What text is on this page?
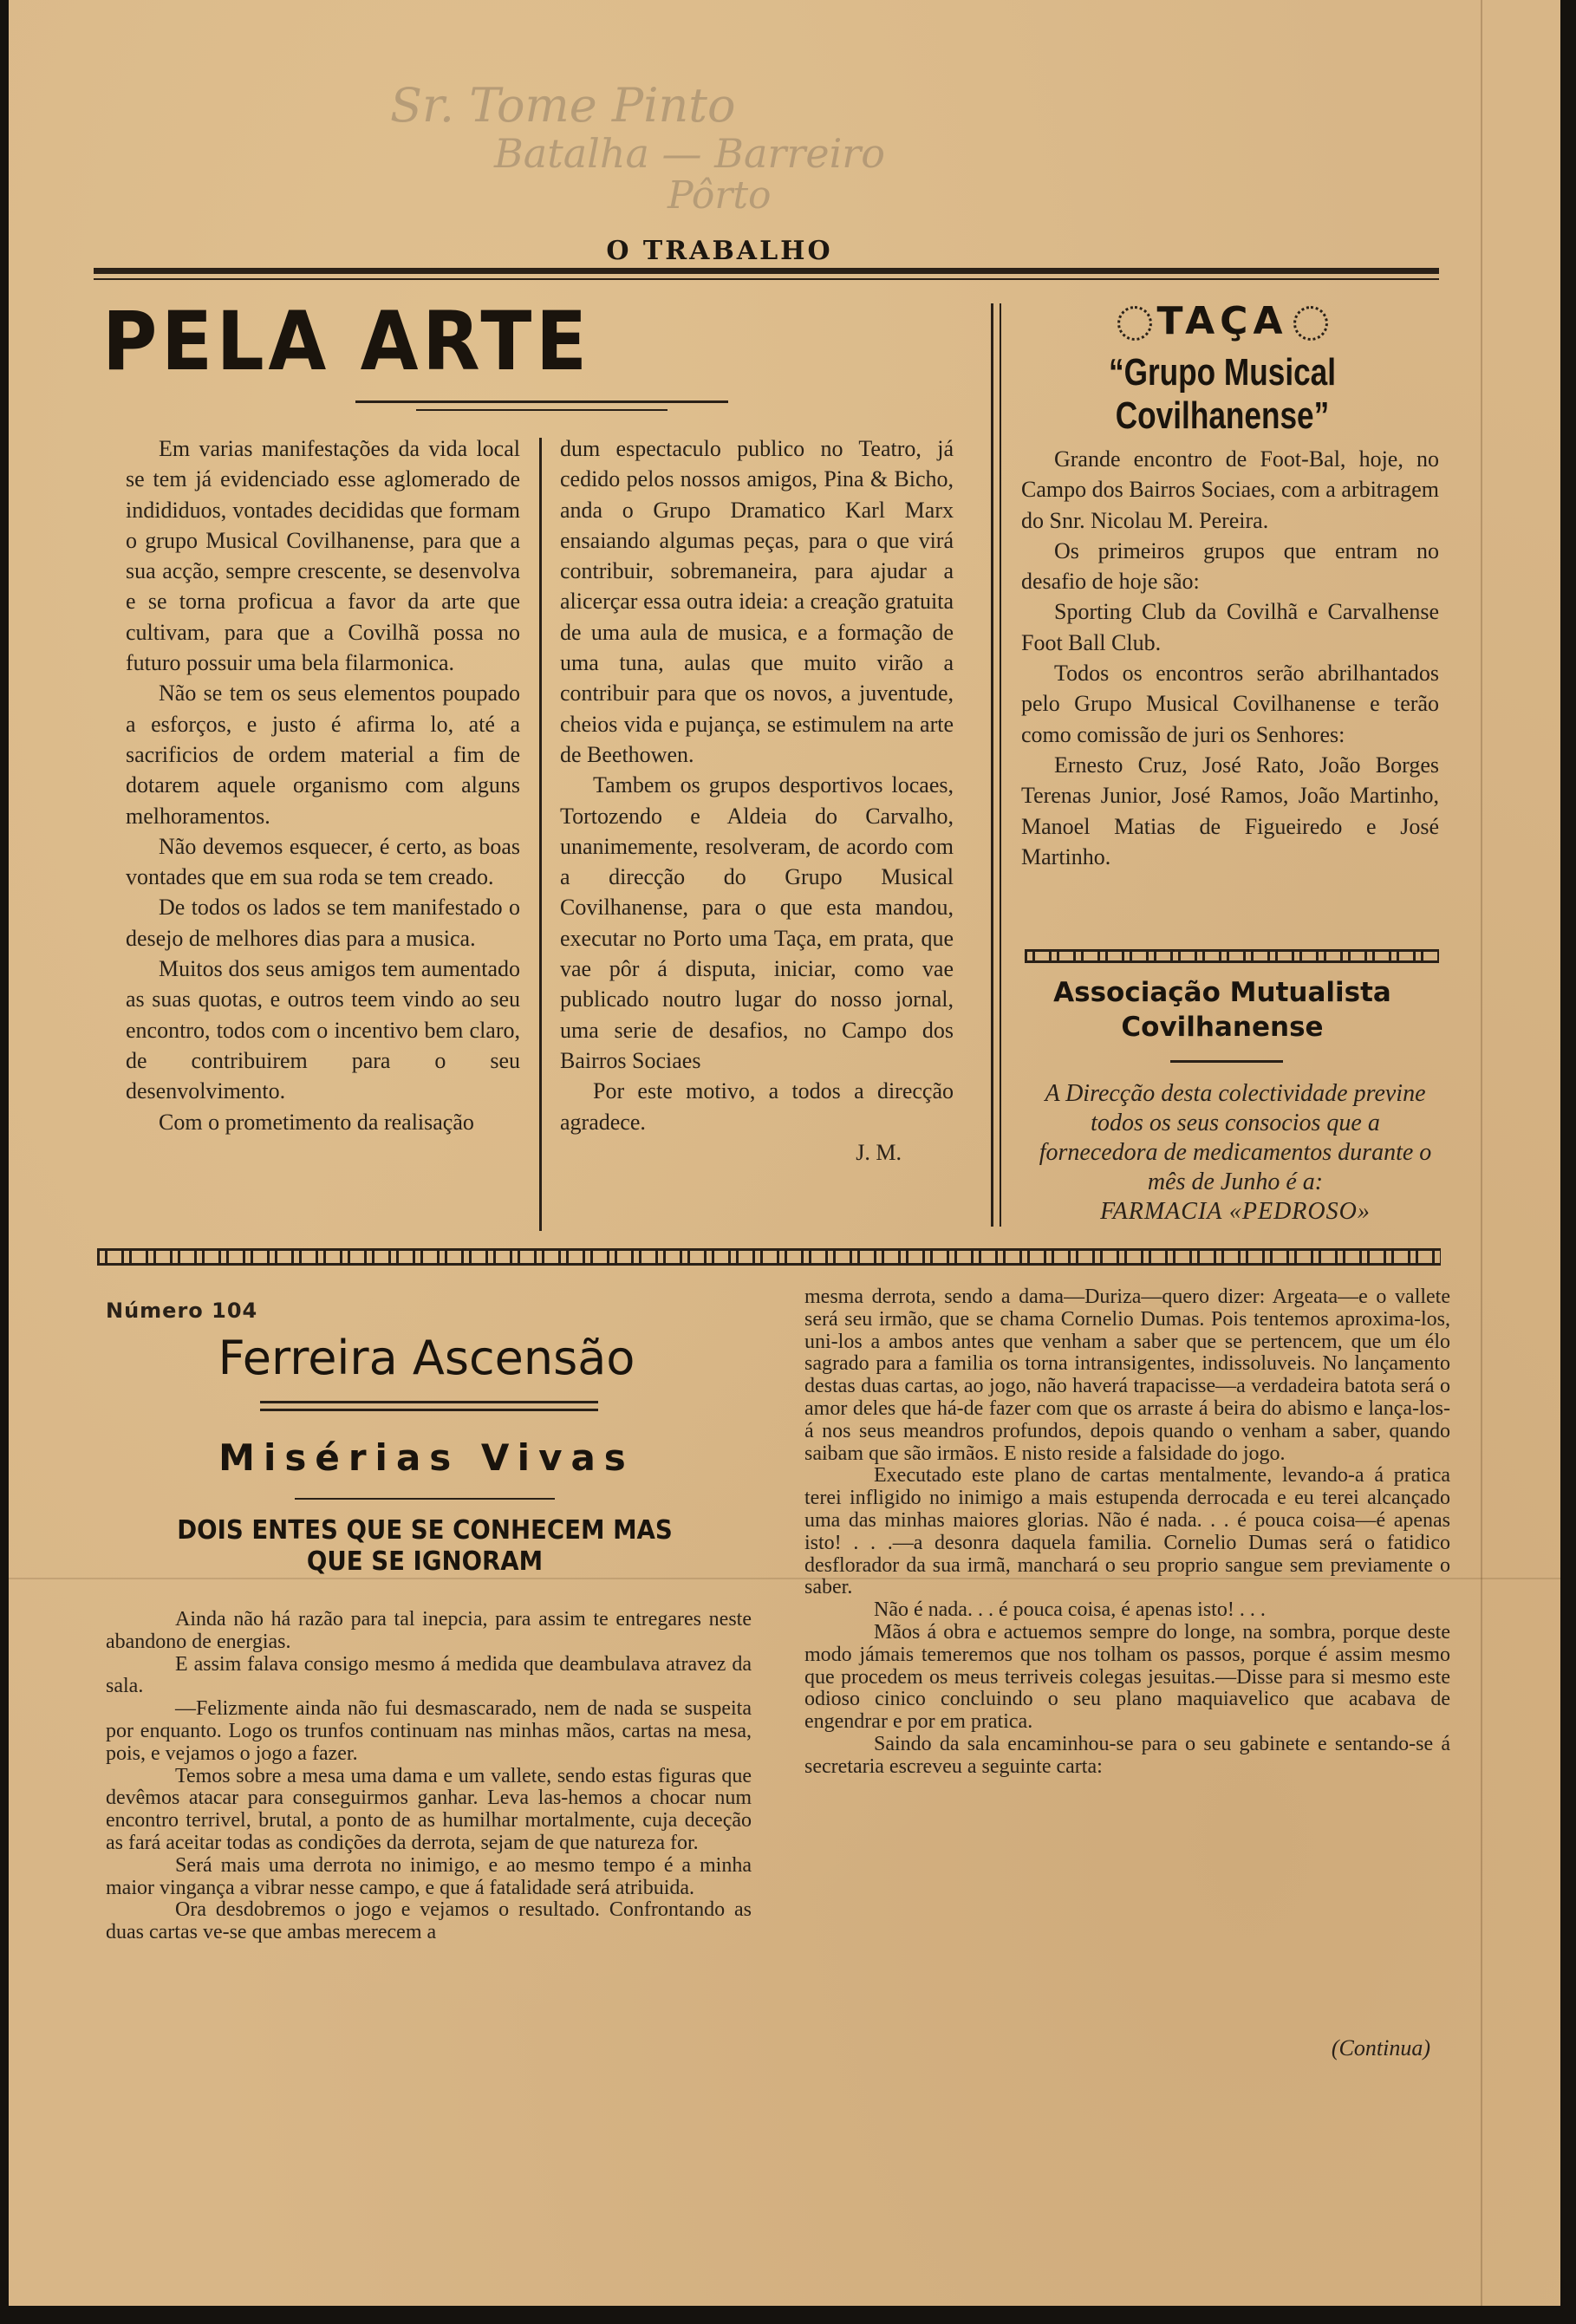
Sr. Tome Pinto
Batalha — Barreiro
Pôrto
O TRABALHO
PELA ARTE

Em varias manifestações da vida local se tem já evidenciado esse aglomerado de indididuos, vontades decididas que formam o grupo Musical Covilhanense, para que a sua acção, sempre crescente, se desenvolva e se torna proficua a favor da arte que cultivam, para que a Covilhã possa no futuro possuir uma bela filarmonica.

Não se tem os seus elementos poupado a esforços, e justo é afirma lo, até a sacrificios de ordem material a fim de dotarem aquele organismo com alguns melhoramentos.

Não devemos esquecer, é certo, as boas vontades que em sua roda se tem creado.

De todos os lados se tem manifestado o desejo de melhores dias para a musica.

Muitos dos seus amigos tem aumentado as suas quotas, e outros teem vindo ao seu encontro, todos com o incentivo bem claro, de contribuirem para o seu desenvolvimento.

Com o prometimento da realisação

dum espectaculo publico no Teatro, já cedido pelos nossos amigos, Pina & Bicho, anda o Grupo Dramatico Karl Marx ensaiando algumas peças, para o que virá contribuir, sobremaneira, para ajudar a alicerçar essa outra ideia: a creação gratuita de uma aula de musica, e a formação de uma tuna, aulas que muito virão a contribuir para que os novos, a juventude, cheios vida e pujança, se estimulem na arte de Beethowen.

Tambem os grupos desportivos locaes, Tortozendo e Aldeia do Carvalho, unanimemente, resolveram, de acordo com a direcção do Grupo Musical Covilhanense, para o que esta mandou, executar no Porto uma Taça, em prata, que vae pôr á disputa, iniciar, como vae publicado noutro lugar do nosso jornal, uma serie de desafios, no Campo dos Bairros Sociaes

Por este motivo, a todos a direcção agradece.

J. M.

TAÇA
“Grupo Musical Covilhanense”

Grande encontro de Foot-Bal, hoje, no Campo dos Bairros Sociaes, com a arbitragem do Snr. Nicolau M. Pereira.

Os primeiros grupos que entram no desafio de hoje são:

Sporting Club da Covilhã e Carvalhense Foot Ball Club.

Todos os encontros serão abrilhantados pelo Grupo Musical Covilhanense e terão como comissão de juri os Senhores:

Ernesto Cruz, José Rato, João Borges Terenas Junior, José Ramos, João Martinho, Manoel Matias de Figueiredo e José Martinho.

Associação Mutualista Covilhanense

A Direcção desta colectividade previne todos os seus consocios que a fornecedora de medicamentos durante o mês de Junho é a:

FARMACIA «PEDROSO»

Número 104
Ferreira Ascensão
Misérias Vivas
DOIS ENTES QUE SE CONHECEM MAS QUE SE IGNORAM

Ainda não há razão para tal inepcia, para assim te entregares neste abandono de energias.

E assim falava consigo mesmo á medida que deambulava atravez da sala.

—Felizmente ainda não fui desmascarado, nem de nada se suspeita por enquanto. Logo os trunfos continuam nas minhas mãos, cartas na mesa, pois, e vejamos o jogo a fazer.

Temos sobre a mesa uma dama e um vallete, sendo estas figuras que devêmos atacar para conseguirmos ganhar. Leva las-hemos a chocar num encontro terrivel, brutal, a ponto de as humilhar mortalmente, cuja deceção as fará aceitar todas as condições da derrota, sejam de que natureza for.

Será mais uma derrota no inimigo, e ao mesmo tempo é a minha maior vingança a vibrar nesse campo, e que á fatalidade será atribuida.

Ora desdobremos o jogo e vejamos o resultado. Confrontando as duas cartas ve-se que ambas merecem a

mesma derrota, sendo a dama—Duriza—quero dizer: Argeata—e o vallete será seu irmão, que se chama Cornelio Dumas. Pois tentemos aproxima-los, uni-los a ambos antes que venham a saber que se pertencem, que um élo sagrado para a familia os torna intransigentes, indissoluveis. No lançamento destas duas cartas, ao jogo, não haverá trapacisse—a verdadeira batota será o amor deles que há-de fazer com que os arraste á beira do abismo e lança-los-á nos seus meandros profundos, depois quando o venham a saber, quando saibam que são irmãos. E nisto reside a falsidade do jogo.

Executado este plano de cartas mentalmente, levando-a á pratica terei infligido no inimigo a mais estupenda derrocada e eu terei alcançado uma das minhas maiores glorias. Não é nada. . . é pouca coisa—é apenas isto! . . .—a desonra daquela familia. Cornelio Dumas será o fatidico desflorador da sua irmã, manchará o seu proprio sangue sem previamente o saber.

Não é nada. . . é pouca coisa, é apenas isto! . . .

Mãos á obra e actuemos sempre do longe, na sombra, porque deste modo jámais temeremos que nos tolham os passos, porque é assim mesmo que procedem os meus terriveis colegas jesuitas.—Disse para si mesmo este odioso cinico concluindo o seu plano maquiavelico que acabava de engendrar e por em pratica.

Saindo da sala encaminhou-se para o seu gabinete e sentando-se á secretaria escreveu a seguinte carta:

(Continua)
